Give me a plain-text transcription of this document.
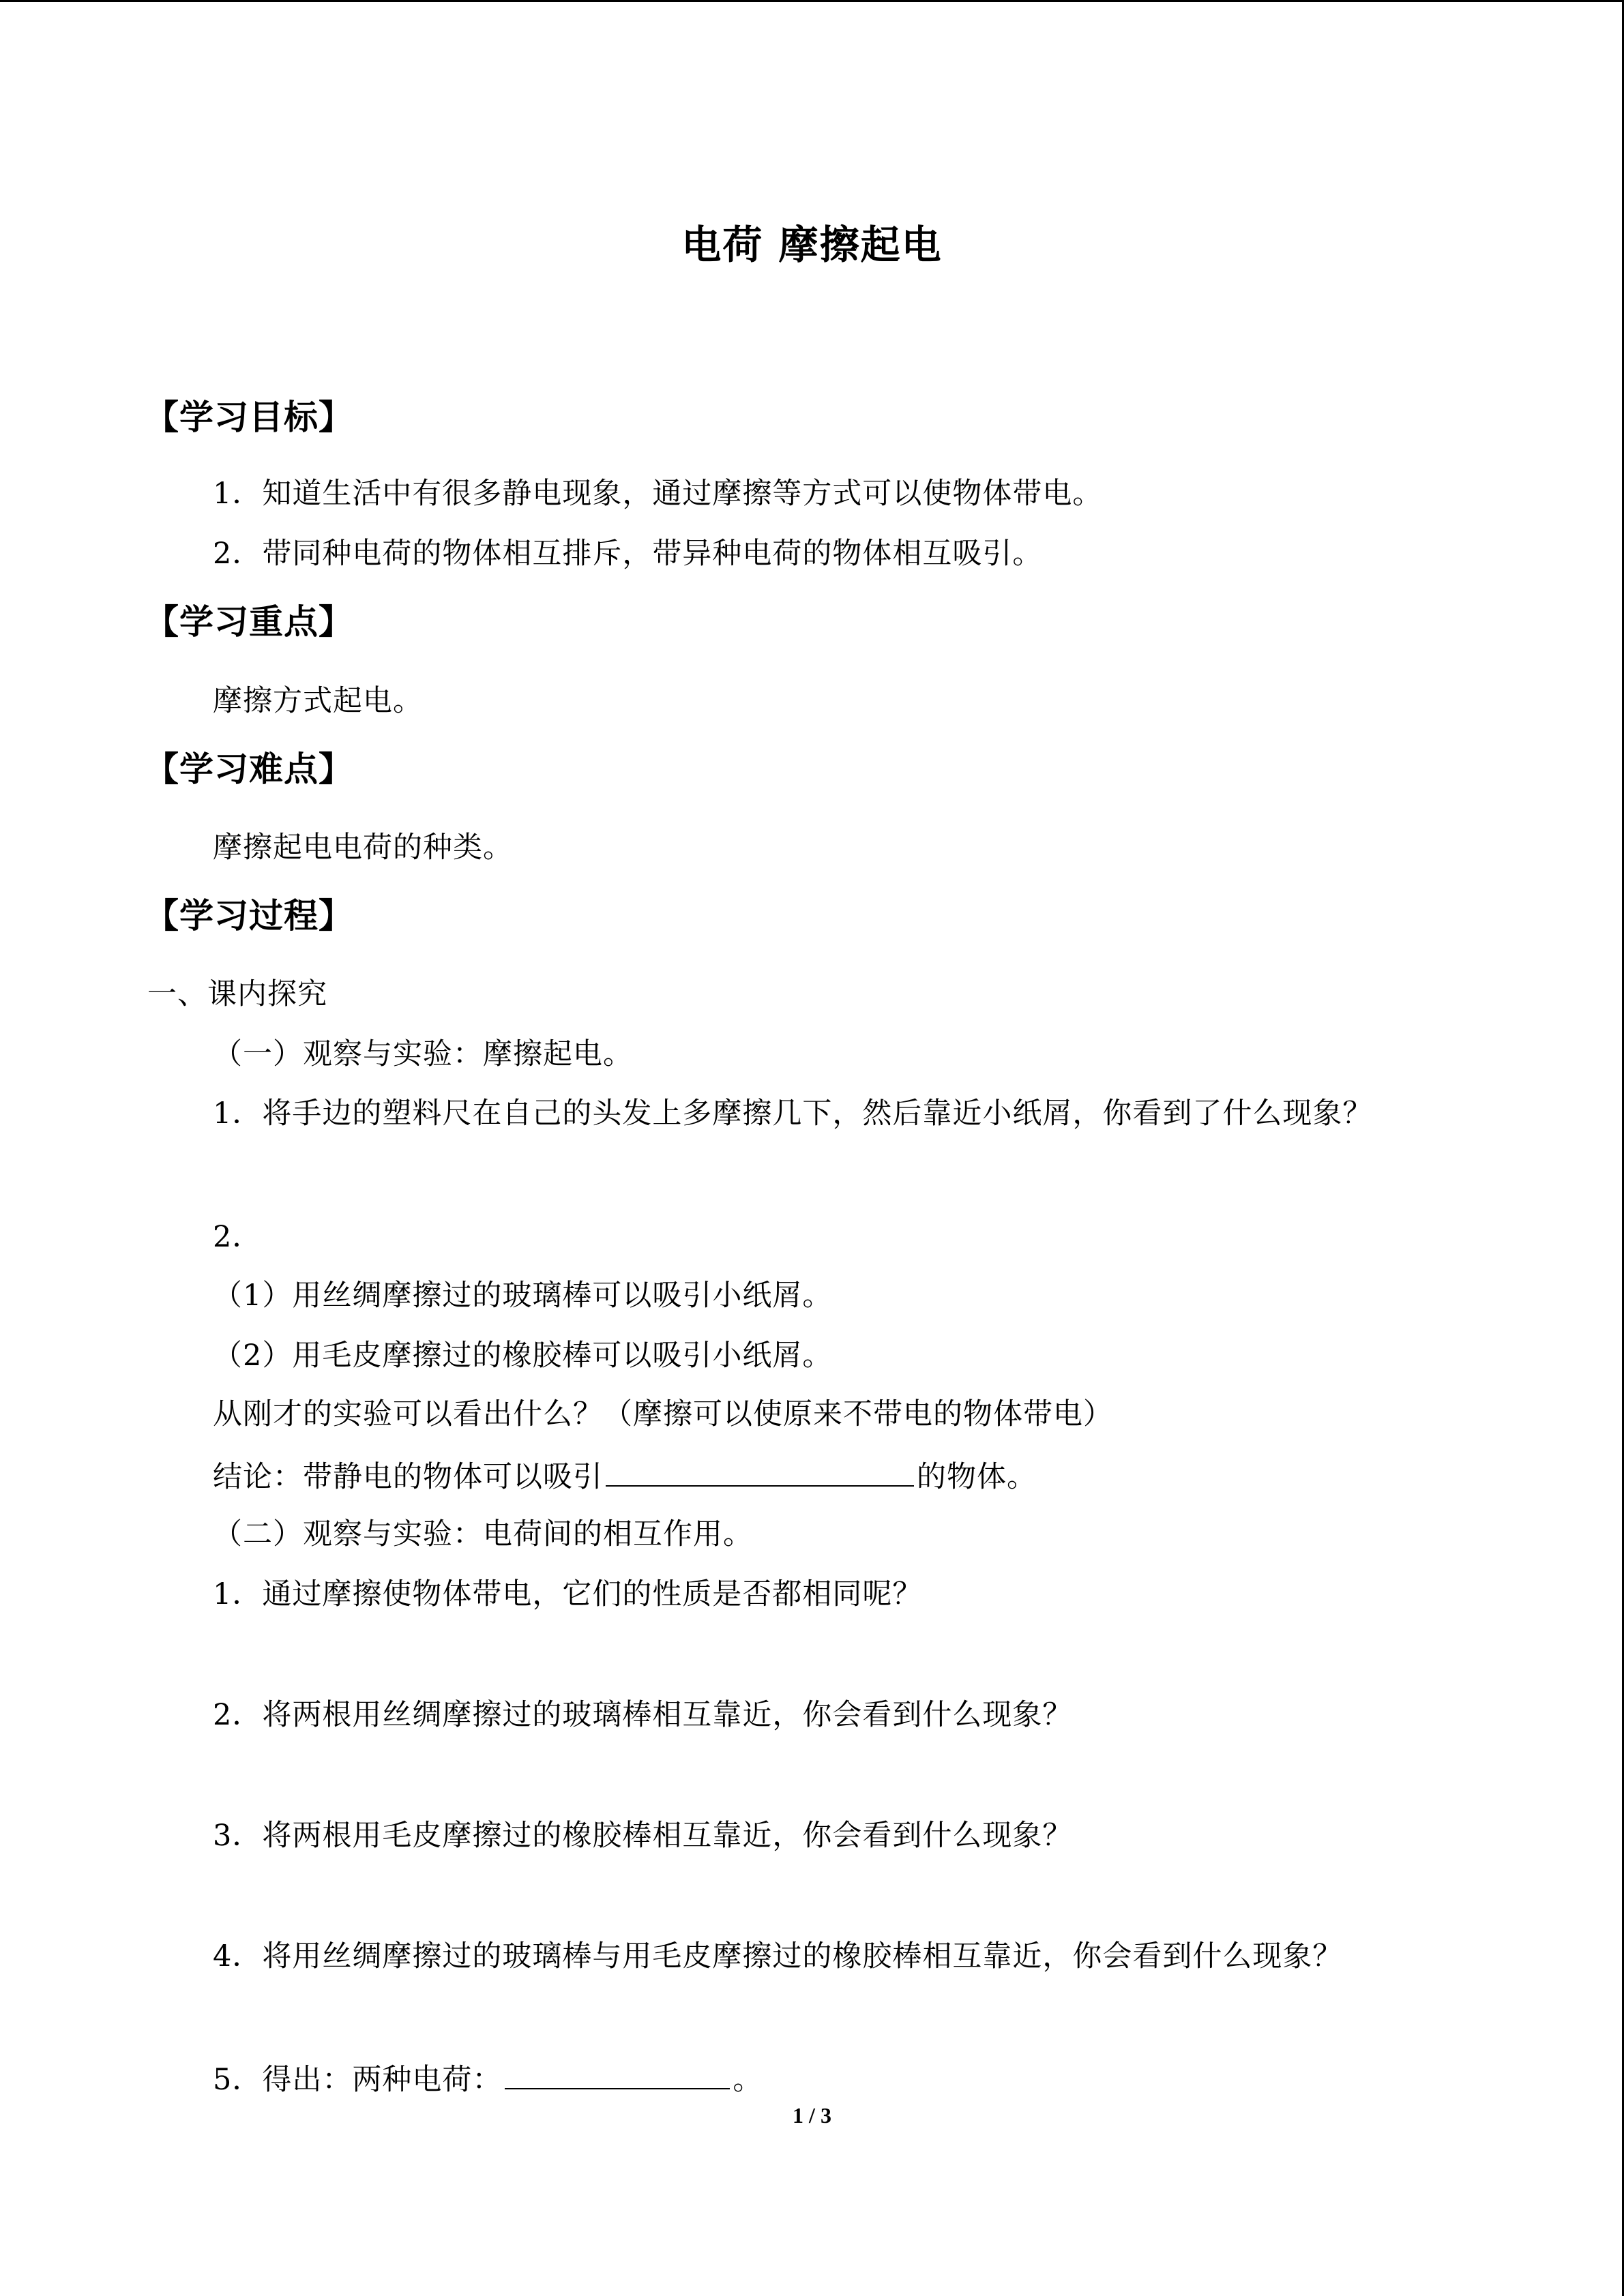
电荷 摩擦起电
【学习目标】
1．知道生活中有很多静电现象，通过摩擦等方式可以使物体带电。
2．带同种电荷的物体相互排斥，带异种电荷的物体相互吸引。
【学习重点】
摩擦方式起电。
【学习难点】
摩擦起电电荷的种类。
【学习过程】
一、课内探究
（一）观察与实验：摩擦起电。
1．将手边的塑料尺在自己的头发上多摩擦几下，然后靠近小纸屑，你看到了什么现象？
2．
（1）用丝绸摩擦过的玻璃棒可以吸引小纸屑。
（2）用毛皮摩擦过的橡胶棒可以吸引小纸屑。
从刚才的实验可以看出什么？（摩擦可以使原来不带电的物体带电）
结论：带静电的物体可以吸引	的物体。
（二）观察与实验：电荷间的相互作用。
1．通过摩擦使物体带电，它们的性质是否都相同呢？
2．将两根用丝绸摩擦过的玻璃棒相互靠近，你会看到什么现象？
3．将两根用毛皮摩擦过的橡胶棒相互靠近，你会看到什么现象？
4．将用丝绸摩擦过的玻璃棒与用毛皮摩擦过的橡胶棒相互靠近，你会看到什么现象？
5．得出：两种电荷：	。
1 / 3
